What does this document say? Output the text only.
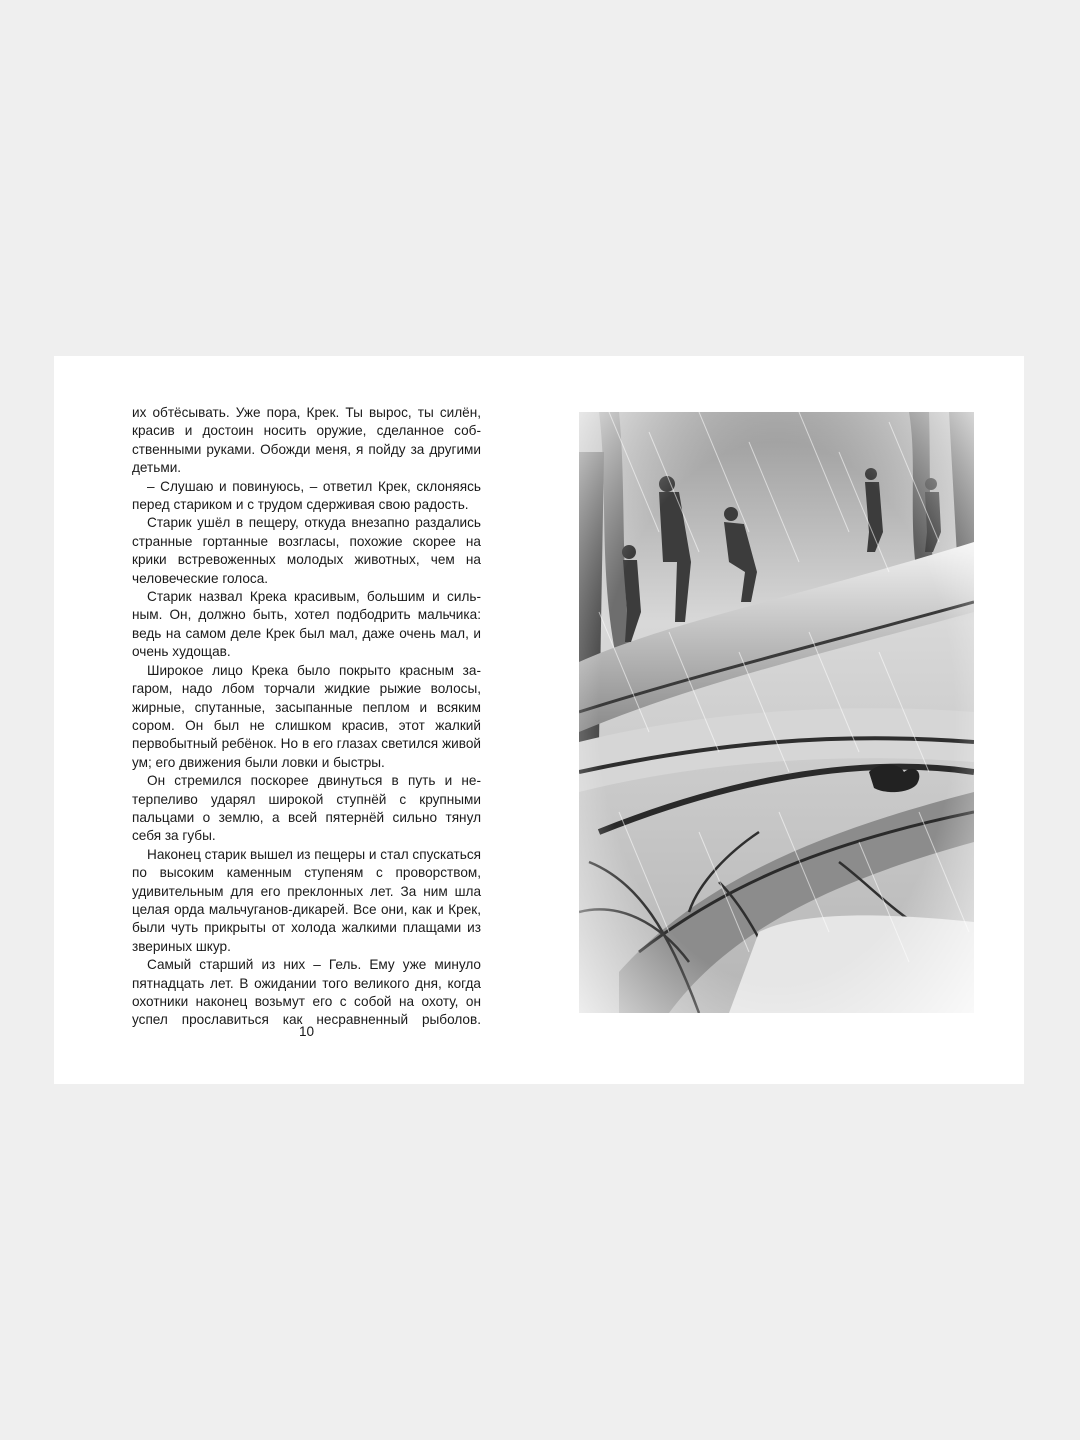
их обтёсывать. Уже пора, Крек. Ты вырос, ты силён, красив и достоин носить оружие, сделанное собственными руками. Обожди меня, я пойду за другими детьми.

– Слушаю и повинуюсь, – ответил Крек, склоняясь перед стариком и с трудом сдерживая свою радость.

Старик ушёл в пещеру, откуда внезапно раздались странные гортанные возгласы, похожие скорее на крики встревоженных молодых животных, чем на человеческие голоса.

Старик назвал Крека красивым, большим и сильным. Он, должно быть, хотел подбодрить мальчика: ведь на самом деле Крек был мал, даже очень мал, и очень худощав.

Широкое лицо Крека было покрыто красным загаром, надо лбом торчали жидкие рыжие волосы, жирные, спутанные, засыпанные пеплом и всяким сором. Он был не слишком красив, этот жалкий первобытный ребёнок. Но в его глазах светился живой ум; его движения были ловки и быстры.

Он стремился поскорее двинуться в путь и нетерпеливо ударял широкой ступнёй с крупными пальцами о землю, а всей пятернёй сильно тянул себя за губы.

Наконец старик вышел из пещеры и стал спускаться по высоким каменным ступеням с проворством, удивительным для его преклонных лет. За ним шла целая орда мальчуганов-дикарей. Все они, как и Крек, были чуть прикрыты от холода жалкими плащами из звериных шкур.

Самый старший из них – Гель. Ему уже минуло пятнадцать лет. В ожидании того великого дня, когда охотники наконец возьмут его с собой на охоту, он успел прославиться как несравненный рыболов.

10
